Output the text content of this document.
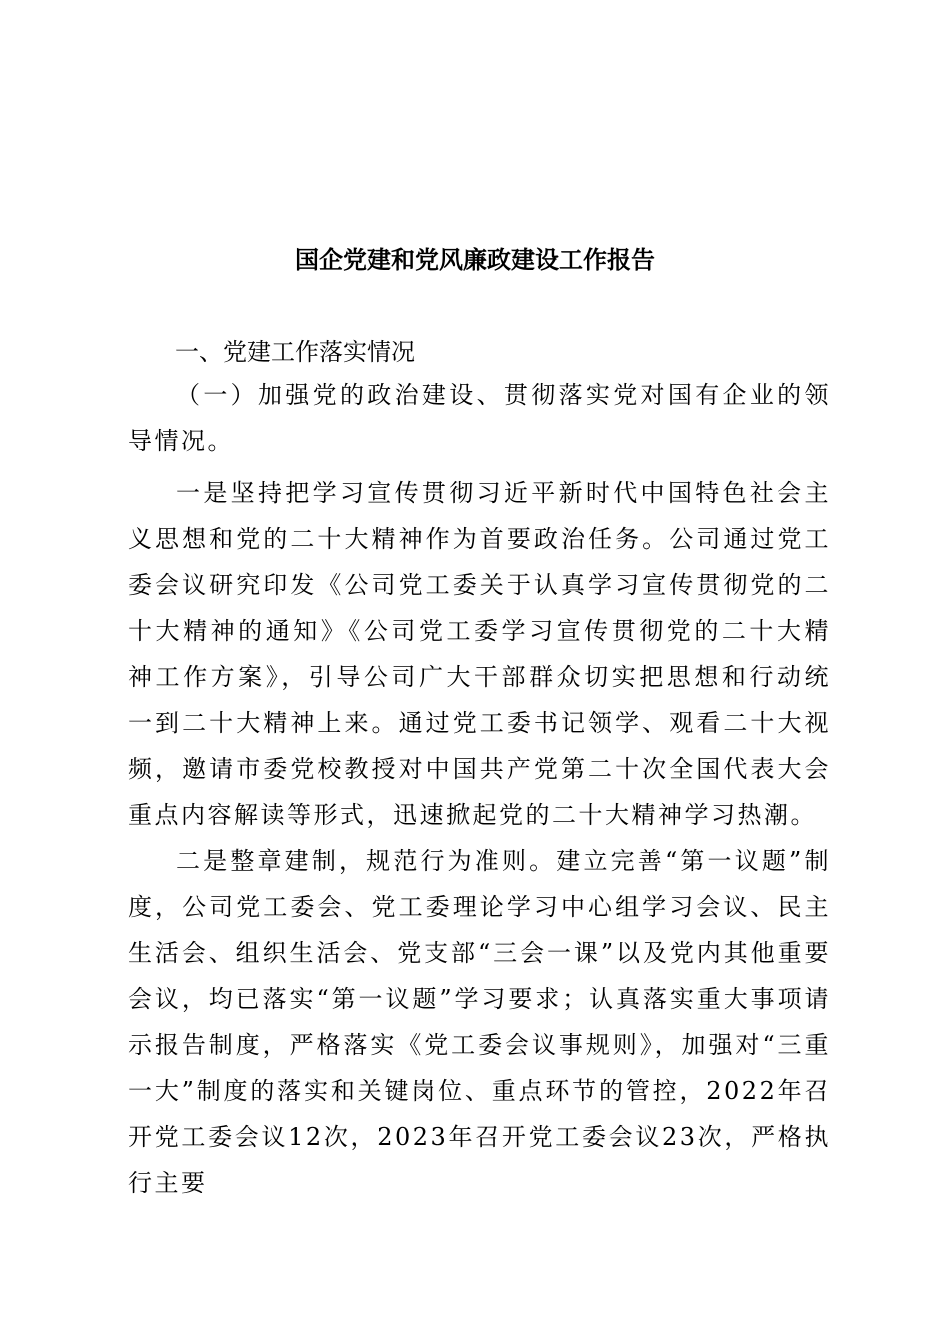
国企党建和党风廉政建设工作报告
一、党建工作落实情况
（一）加强党的政治建设、贯彻落实党对国有企业的领导情况。
一是坚持把学习宣传贯彻习近平新时代中国特色社会主义思想和党的二十大精神作为首要政治任务。公司通过党工委会议研究印发《公司党工委关于认真学习宣传贯彻党的二十大精神的通知》《公司党工委学习宣传贯彻党的二十大精神工作方案》，引导公司广大干部群众切实把思想和行动统一到二十大精神上来。通过党工委书记领学、观看二十大视频，邀请市委党校教授对中国共产党第二十次全国代表大会重点内容解读等形式，迅速掀起党的二十大精神学习热潮。
二是整章建制，规范行为准则。建立完善“第一议题”制度，公司党工委会、党工委理论学习中心组学习会议、民主生活会、组织生活会、党支部“三会一课”以及党内其他重要会议，均已落实“第一议题”学习要求；认真落实重大事项请示报告制度，严格落实《党工委会议事规则》，加强对“三重一大”制度的落实和关键岗位、重点环节的管控，2022年召开党工委会议12次，2023年召开党工委会议23次，严格执行主要
